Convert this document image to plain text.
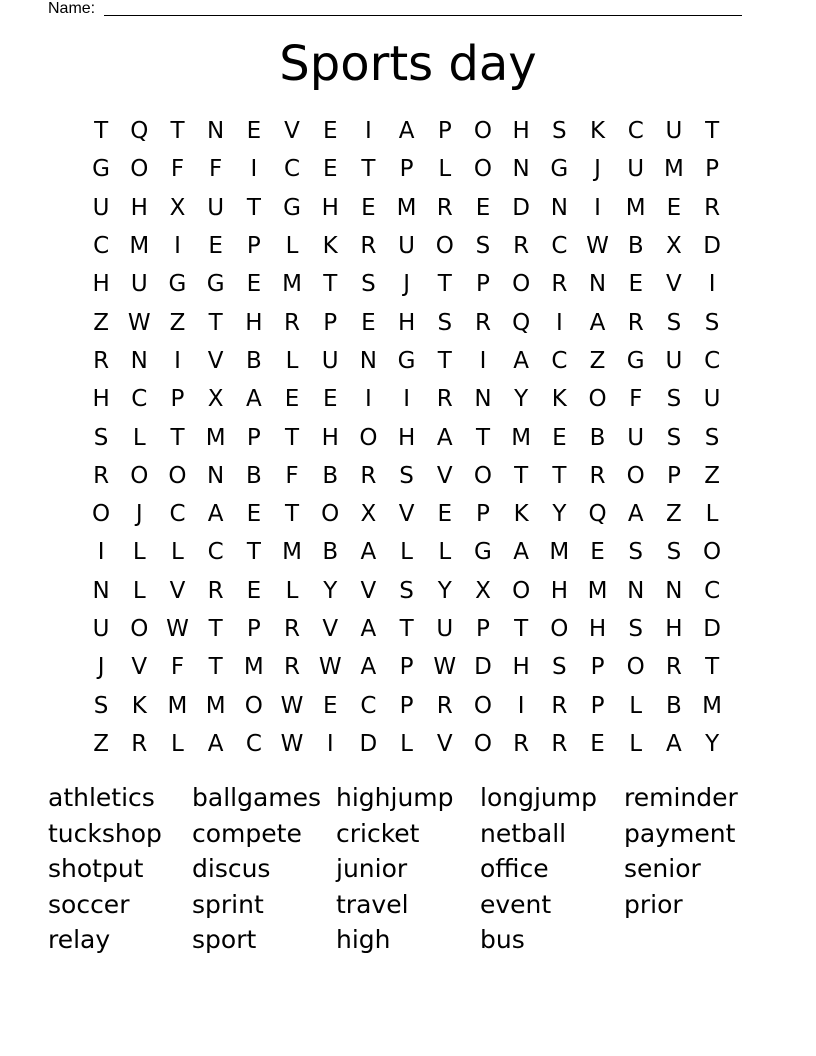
Name:
Sports day
T Q T N E	V	E	I	A	P O H S	K C U T
G O F	F	I	C E	T	P	L O N G	J	U M P
U H X U T G H E M R E D N	I	M E R
C M	I	E	P	L	K R U O S R C W B X D
H U G G E M T	S	J	T	P O R N E	V	I
Z W Z	T H R	P	E H S R Q	I	A R S	S
R N	I	V B	L	U N G T	I	A C Z G U C
H C	P	X A	E	E	I	I	R N Y	K O F	S U
S	L	T M P	T H O H A	T M E	B U S	S
R O O N B	F	B R S	V O T	T	R O P	Z
O	J	C A	E	T O X V	E	P	K	Y Q A Z	L
I	L	L	C	T M B A	L	L G A M E	S	S O
N	L	V R E	L	Y	V	S	Y	X O H M N N C
U O W T	P	R V A	T U P	T O H S H D
J	V	F	T M R W A	P W D H S	P O R	T
S	K M M O W E C	P	R O	I	R	P	L	B M
Z R	L	A C W	I	D L	V O R R E	L	A	Y
athletics	ballgames highjump	longjump	reminder
tuckshop	compete	cricket	netball	payment
shotput	discus	junior	office	senior
soccer	sprint	travel	event	prior
relay	sport	high	bus
